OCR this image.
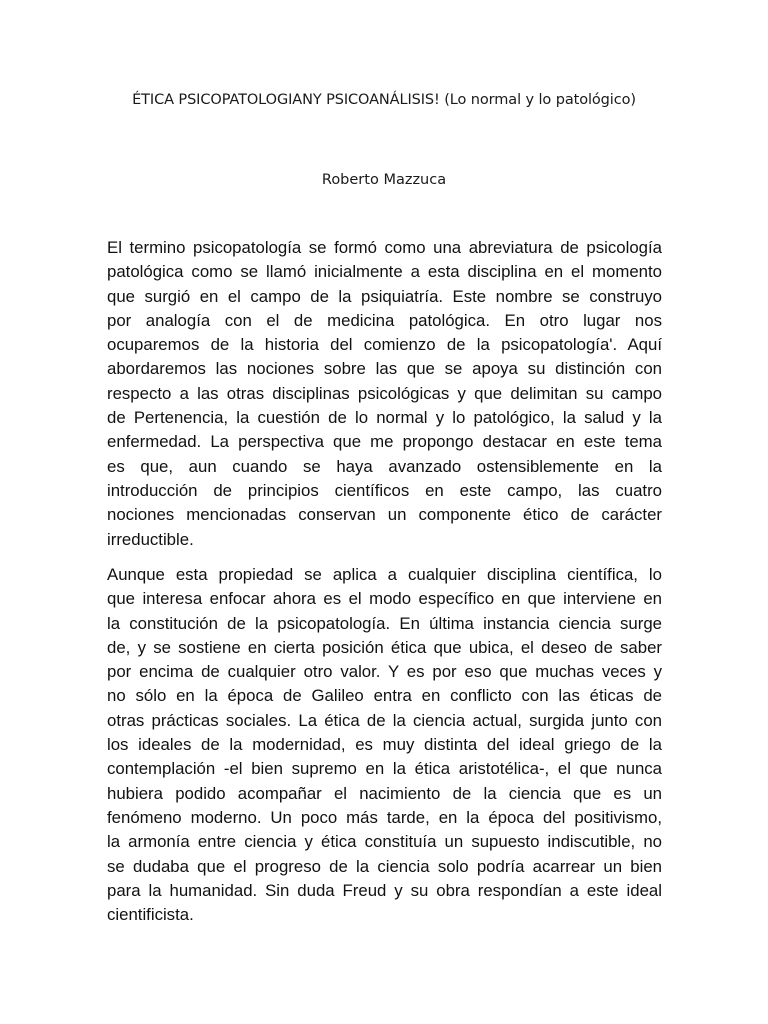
ÉTICA PSICOPATOLOGIANY PSICOANÁLISIS! (Lo normal y lo patológico)
Roberto Mazzuca
El termino psicopatología se formó como una abreviatura de psicología
patológica como se llamó inicialmente a esta disciplina en el momento
que surgió en el campo de la psiquiatría. Este nombre se construyo
por analogía con el de medicina patológica. En otro lugar nos
ocuparemos de la historia del comienzo de la psicopatología'. Aquí
abordaremos las nociones sobre las que se apoya su distinción con
respecto a las otras disciplinas psicológicas y que delimitan su campo
de Pertenencia, la cuestión de lo normal y lo patológico, la salud y la
enfermedad. La perspectiva que me propongo destacar en este tema
es que, aun cuando se haya avanzado ostensiblemente en la
introducción de principios científicos en este campo, las cuatro
nociones mencionadas conservan un componente ético de carácter
irreductible.
Aunque esta propiedad se aplica a cualquier disciplina científica, lo
que interesa enfocar ahora es el modo específico en que interviene en
la constitución de la psicopatología. En última instancia ciencia surge
de, y se sostiene en cierta posición ética que ubica, el deseo de saber
por encima de cualquier otro valor. Y es por eso que muchas veces y
no sólo en la época de Galileo entra en conflicto con las éticas de
otras prácticas sociales. La ética de la ciencia actual, surgida junto con
los ideales de la modernidad, es muy distinta del ideal griego de la
contemplación -el bien supremo en la ética aristotélica-, el que nunca
hubiera podido acompañar el nacimiento de la ciencia que es un
fenómeno moderno. Un poco más tarde, en la época del positivismo,
la armonía entre ciencia y ética constituía un supuesto indiscutible, no
se dudaba que el progreso de la ciencia solo podría acarrear un bien
para la humanidad. Sin duda Freud y su obra respondían a este ideal
cientificista.
